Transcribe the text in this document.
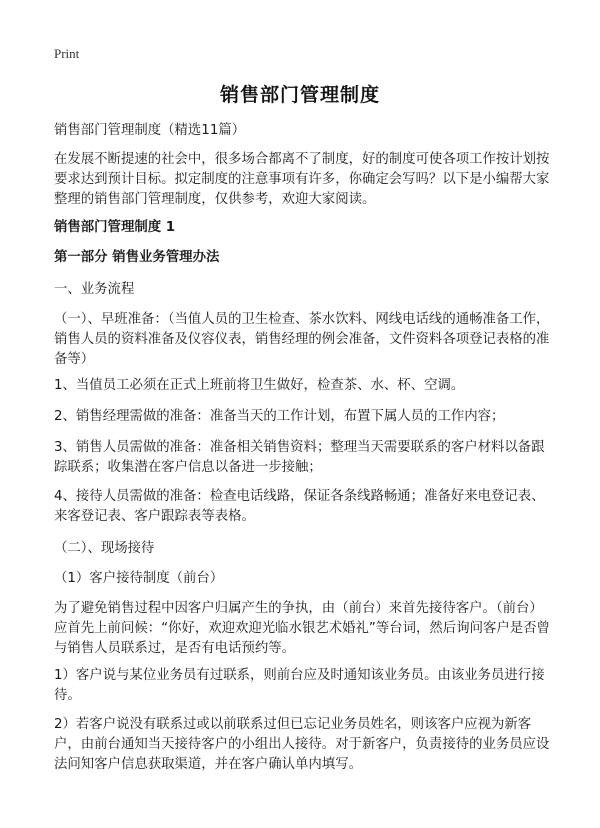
Print
销售部门管理制度

销售部门管理制度（精选11篇）

在发展不断提速的社会中，很多场合都离不了制度，好的制度可使各项工作按计划按要求达到预计目标。拟定制度的注意事项有许多，你确定会写吗？以下是小编帮大家整理的销售部门管理制度，仅供参考，欢迎大家阅读。

销售部门管理制度 1

第一部分 销售业务管理办法

一、业务流程

（一）、早班准备：（当值人员的卫生检查、茶水饮料、网线电话线的通畅准备工作，销售人员的资料准备及仪容仪表，销售经理的例会准备，文件资料各项登记表格的准备等）

1、当值员工必须在正式上班前将卫生做好，检查茶、水、杯、空调。

2、销售经理需做的准备：准备当天的工作计划，布置下属人员的工作内容；

3、销售人员需做的准备：准备相关销售资料；整理当天需要联系的客户材料以备跟踪联系；收集潜在客户信息以备进一步接触；

4、接待人员需做的准备：检查电话线路，保证各条线路畅通；准备好来电登记表、来客登记表、客户跟踪表等表格。

（二）、现场接待

（1）客户接待制度（前台）

为了避免销售过程中因客户归属产生的争执，由（前台）来首先接待客户。（前台）应首先上前问候：“你好，欢迎欢迎光临水银艺术婚礼”等台词，然后询问客户是否曾与销售人员联系过，是否有电话预约等。

1）客户说与某位业务员有过联系，则前台应及时通知该业务员。由该业务员进行接待。

2）若客户说没有联系过或以前联系过但已忘记业务员姓名，则该客户应视为新客户，由前台通知当天接待客户的小组出人接待。对于新客户，负责接待的业务员应设法问知客户信息获取渠道，并在客户确认单内填写。
